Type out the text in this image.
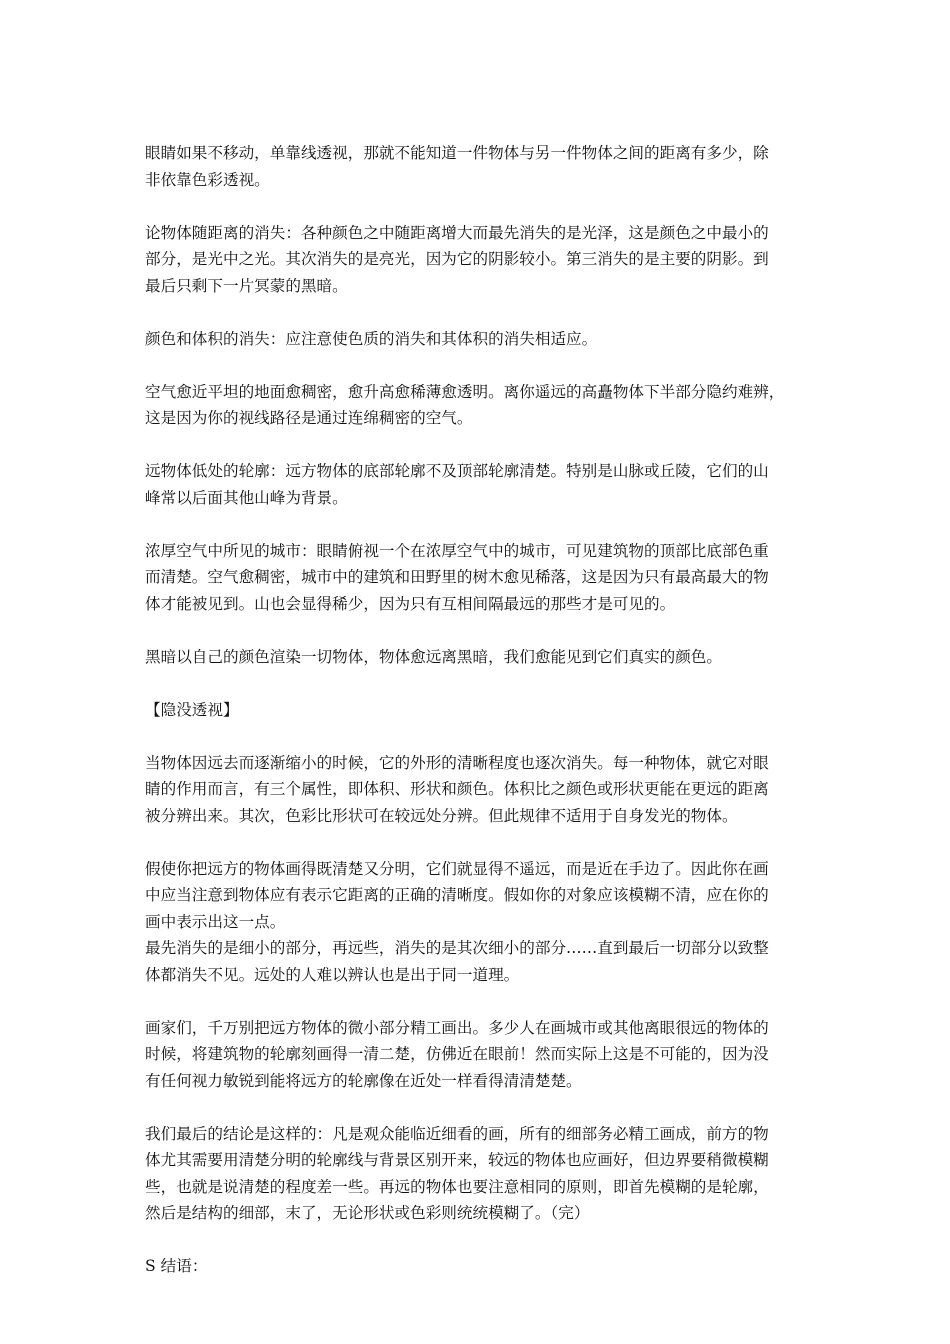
眼睛如果不移动，单靠线透视，那就不能知道一件物体与另一件物体之间的距离有多少，除
非依靠色彩透视。

论物体随距离的消失：各种颜色之中随距离增大而最先消失的是光泽，这是颜色之中最小的
部分，是光中之光。其次消失的是亮光，因为它的阴影较小。第三消失的是主要的阴影。到
最后只剩下一片冥蒙的黑暗。

颜色和体积的消失：应注意使色质的消失和其体积的消失相适应。

空气愈近平坦的地面愈稠密，愈升高愈稀薄愈透明。离你遥远的高矗物体下半部分隐约难辨，
这是因为你的视线路径是通过连绵稠密的空气。

远物体低处的轮廓：远方物体的底部轮廓不及顶部轮廓清楚。特别是山脉或丘陵，它们的山
峰常以后面其他山峰为背景。

浓厚空气中所见的城市：眼睛俯视一个在浓厚空气中的城市，可见建筑物的顶部比底部色重
而清楚。空气愈稠密，城市中的建筑和田野里的树木愈见稀落，这是因为只有最高最大的物
体才能被见到。山也会显得稀少，因为只有互相间隔最远的那些才是可见的。

黑暗以自己的颜色渲染一切物体，物体愈远离黑暗，我们愈能见到它们真实的颜色。

【隐没透视】

当物体因远去而逐渐缩小的时候，它的外形的清晰程度也逐次消失。每一种物体，就它对眼
睛的作用而言，有三个属性，即体积、形状和颜色。体积比之颜色或形状更能在更远的距离
被分辨出来。其次，色彩比形状可在较远处分辨。但此规律不适用于自身发光的物体。

假使你把远方的物体画得既清楚又分明，它们就显得不遥远，而是近在手边了。因此你在画
中应当注意到物体应有表示它距离的正确的清晰度。假如你的对象应该模糊不清，应在你的
画中表示出这一点。

最先消失的是细小的部分，再远些，消失的是其次细小的部分……直到最后一切部分以致整
体都消失不见。远处的人难以辨认也是出于同一道理。

画家们，千万别把远方物体的微小部分精工画出。多少人在画城市或其他离眼很远的物体的
时候，将建筑物的轮廓刻画得一清二楚，仿佛近在眼前！然而实际上这是不可能的，因为没
有任何视力敏锐到能将远方的轮廓像在近处一样看得清清楚楚。

我们最后的结论是这样的：凡是观众能临近细看的画，所有的细部务必精工画成，前方的物
体尤其需要用清楚分明的轮廓线与背景区别开来，较远的物体也应画好，但边界要稍微模糊
些，也就是说清楚的程度差一些。再远的物体也要注意相同的原则，即首先模糊的是轮廓，
然后是结构的细部，末了，无论形状或色彩则统统模糊了。（完）

S 结语：
